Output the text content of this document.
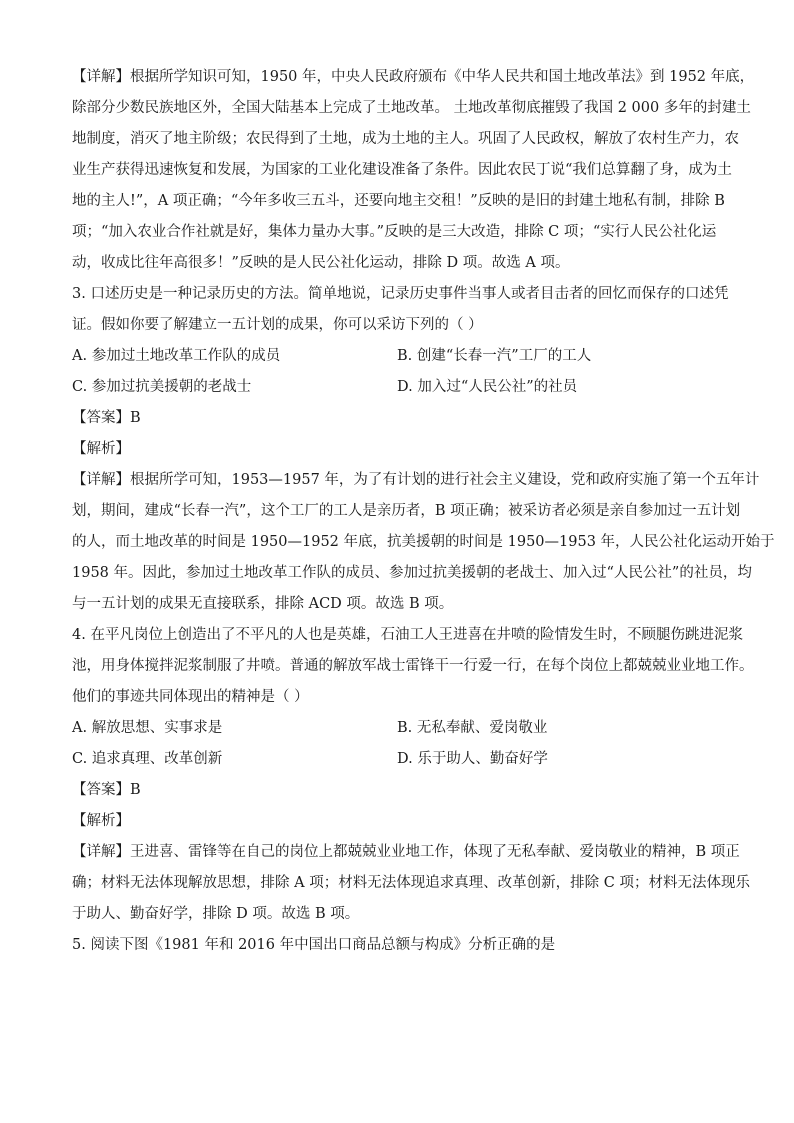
【详解】根据所学知识可知，1950 年，中央人民政府颁布《中华人民共和国土地改革法》到 1952 年底，
除部分少数民族地区外，全国大陆基本上完成了土地改革。 土地改革彻底摧毁了我国 2 000 多年的封建土
地制度，消灭了地主阶级；农民得到了土地，成为土地的主人。巩固了人民政权，解放了农村生产力，农
业生产获得迅速恢复和发展，为国家的工业化建设准备了条件。因此农民丁说“我们总算翻了身，成为土
地的主人!”，A 项正确；“今年多收三五斗，还要向地主交租！”反映的是旧的封建土地私有制，排除 B
项；“加入农业合作社就是好，集体力量办大事。”反映的是三大改造，排除 C 项；“实行人民公社化运
动，收成比往年高很多！”反映的是人民公社化运动，排除 D 项。故选 A 项。
3. 口述历史是一种记录历史的方法。简单地说，记录历史事件当事人或者目击者的回忆而保存的口述凭
证。假如你要了解建立一五计划的成果，你可以采访下列的（ ）
A. 参加过土地改革工作队的成员	B. 创建“长春一汽”工厂的工人
C. 参加过抗美援朝的老战士	D. 加入过“人民公社”的社员
【答案】B
【解析】
【详解】根据所学可知，1953—1957 年，为了有计划的进行社会主义建设，党和政府实施了第一个五年计
划，期间，建成“长春一汽”，这个工厂的工人是亲历者，B 项正确；被采访者必须是亲自参加过一五计划
的人，而土地改革的时间是 1950—1952 年底，抗美援朝的时间是 1950—1953 年，人民公社化运动开始于
1958 年。因此，参加过土地改革工作队的成员、参加过抗美援朝的老战士、加入过“人民公社”的社员，均
与一五计划的成果无直接联系，排除 ACD 项。故选 B 项。
4. 在平凡岗位上创造出了不平凡的人也是英雄，石油工人王进喜在井喷的险情发生时，不顾腿伤跳进泥浆
池，用身体搅拌泥浆制服了井喷。普通的解放军战士雷锋干一行爱一行，在每个岗位上都兢兢业业地工作。
他们的事迹共同体现出的精神是（ ）
A. 解放思想、实事求是	B. 无私奉献、爱岗敬业
C. 追求真理、改革创新	D. 乐于助人、勤奋好学
【答案】B
【解析】
【详解】王进喜、雷锋等在自己的岗位上都兢兢业业地工作，体现了无私奉献、爱岗敬业的精神，B 项正
确；材料无法体现解放思想，排除 A 项；材料无法体现追求真理、改革创新，排除 C 项；材料无法体现乐
于助人、勤奋好学，排除 D 项。故选 B 项。
5. 阅读下图《1981 年和 2016 年中国出口商品总额与构成》分析正确的是
